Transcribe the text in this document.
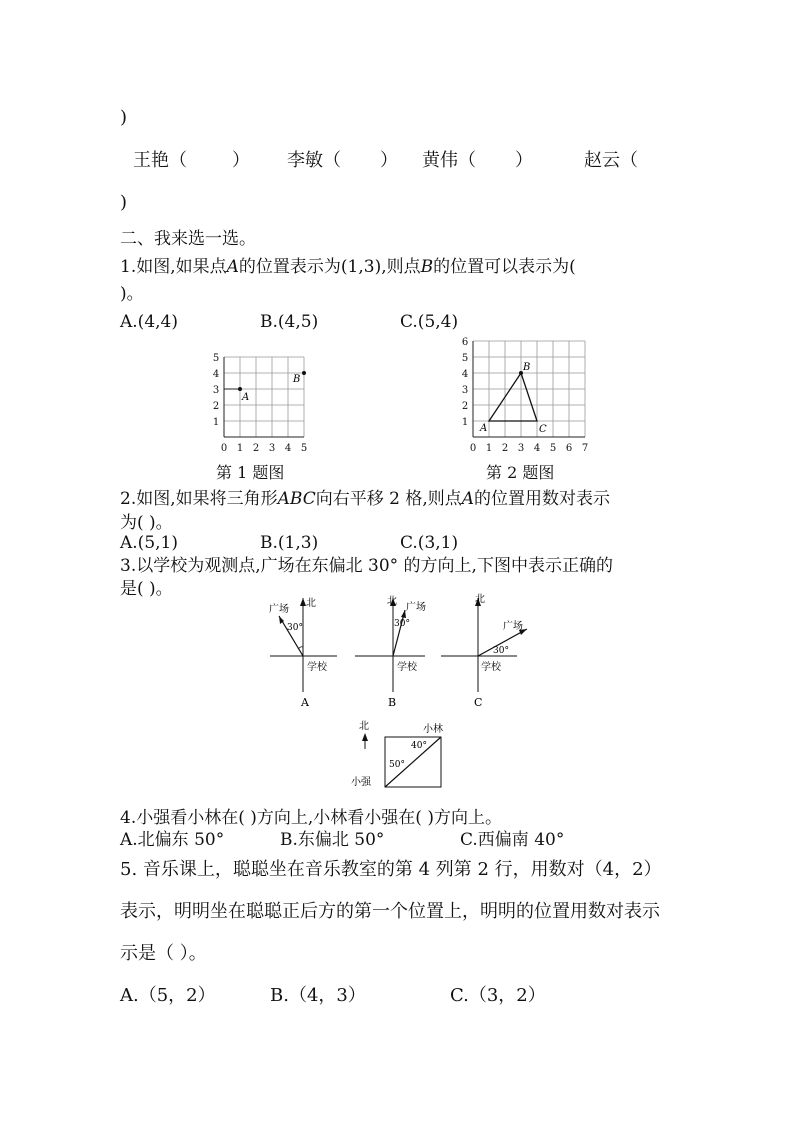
)
王艳（	） 李敏（ ） 黄伟（ ）	赵云（
)
二、我来选一选。
1.如图,如果点A的位置表示为(1,3),则点B的位置可以表示为(
)。
A.(4,4)	B.(4,5)	C.(5,4)
0 1 2 3 4 5
1
2
3
4
5
A
B
第 1 题图
0 1 2 3 4 5 6 7
1
2
3
4
5
6
A
B
C
第 2 题图
2.如图,如果将三角形ABC向右平移 2 格,则点A的位置用数对表示
为( )。
A.(5,1)	B.(1,3)	C.(3,1)
3.以学校为观测点,广场在东偏北 30° 的方向上,下图中表示正确的
是( )。
北
广场
30°
学校
A
北
广场
30°
学校
B
北
广场
30°
学校
C
北	小林
小强
40°
50°
4.小强看小林在( )方向上,小林看小强在( )方向上。
A.北偏东 50°	B.东偏北 50°	C.西偏南 40°
5. 音乐课上，聪聪坐在音乐教室的第 4 列第 2 行，用数对（4，2）
表示，明明坐在聪聪正后方的第一个位置上，明明的位置用数对表示
示是（ ）。
A.（5，2）	B.（4，3）	C.（3，2）
